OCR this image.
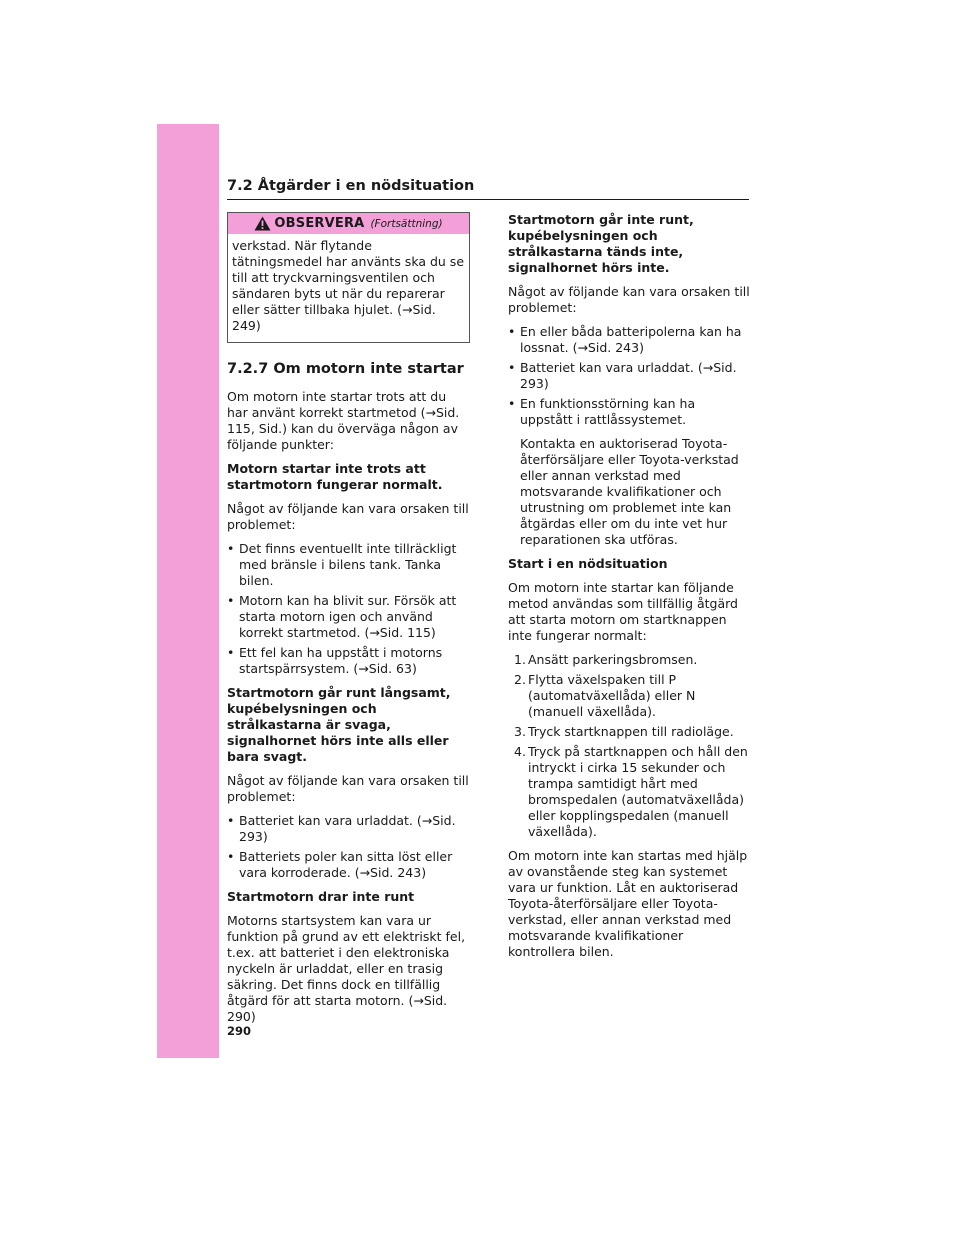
7.2 Åtgärder i en nödsituation
OBSERVERA (Fortsättning)
verkstad. När flytande tätningsmedel har använts ska du se till att tryckvarningsventilen och sändaren byts ut när du reparerar eller sätter tillbaka hjulet. (→Sid. 249)
7.2.7 Om motorn inte startar

Om motorn inte startar trots att du har använt korrekt startmetod (→Sid. 115, Sid.) kan du överväga någon av följande punkter:

Motorn startar inte trots att startmotorn fungerar normalt.

Något av följande kan vara orsaken till problemet:

• Det finns eventuellt inte tillräckligt med bränsle i bilens tank. Tanka bilen.
• Motorn kan ha blivit sur. Försök att starta motorn igen och använd korrekt startmetod. (→Sid. 115)
• Ett fel kan ha uppstått i motorns startspärrsystem. (→Sid. 63)

Startmotorn går runt långsamt, kupébelysningen och strålkastarna är svaga, signalhornet hörs inte alls eller bara svagt.

Något av följande kan vara orsaken till problemet:

• Batteriet kan vara urladdat. (→Sid. 293)
• Batteriets poler kan sitta löst eller vara korroderade. (→Sid. 243)

Startmotorn drar inte runt

Motorns startsystem kan vara ur funktion på grund av ett elektriskt fel, t.ex. att batteriet i den elektroniska nyckeln är urladdat, eller en trasig säkring. Det finns dock en tillfällig åtgärd för att starta motorn. (→Sid. 290)

Startmotorn går inte runt, kupébelysningen och strålkastarna tänds inte, signalhornet hörs inte.

Något av följande kan vara orsaken till problemet:

• En eller båda batteripolerna kan ha lossnat. (→Sid. 243)
• Batteriet kan vara urladdat. (→Sid. 293)
• En funktionsstörning kan ha uppstått i rattlåssystemet.

Kontakta en auktoriserad Toyota-återförsäljare eller Toyota-verkstad eller annan verkstad med motsvarande kvalifikationer och utrustning om problemet inte kan åtgärdas eller om du inte vet hur reparationen ska utföras.

Start i en nödsituation

Om motorn inte startar kan följande metod användas som tillfällig åtgärd att starta motorn om startknappen inte fungerar normalt:

1. Ansätt parkeringsbromsen.
2. Flytta växelspaken till P (automatväxellåda) eller N (manuell växellåda).
3. Tryck startknappen till radioläge.
4. Tryck på startknappen och håll den intryckt i cirka 15 sekunder och trampa samtidigt hårt med bromspedalen (automatväxellåda) eller kopplingspedalen (manuell växellåda).

Om motorn inte kan startas med hjälp av ovanstående steg kan systemet vara ur funktion. Låt en auktoriserad Toyota-återförsäljare eller Toyota-verkstad, eller annan verkstad med motsvarande kvalifikationer kontrollera bilen.

290
